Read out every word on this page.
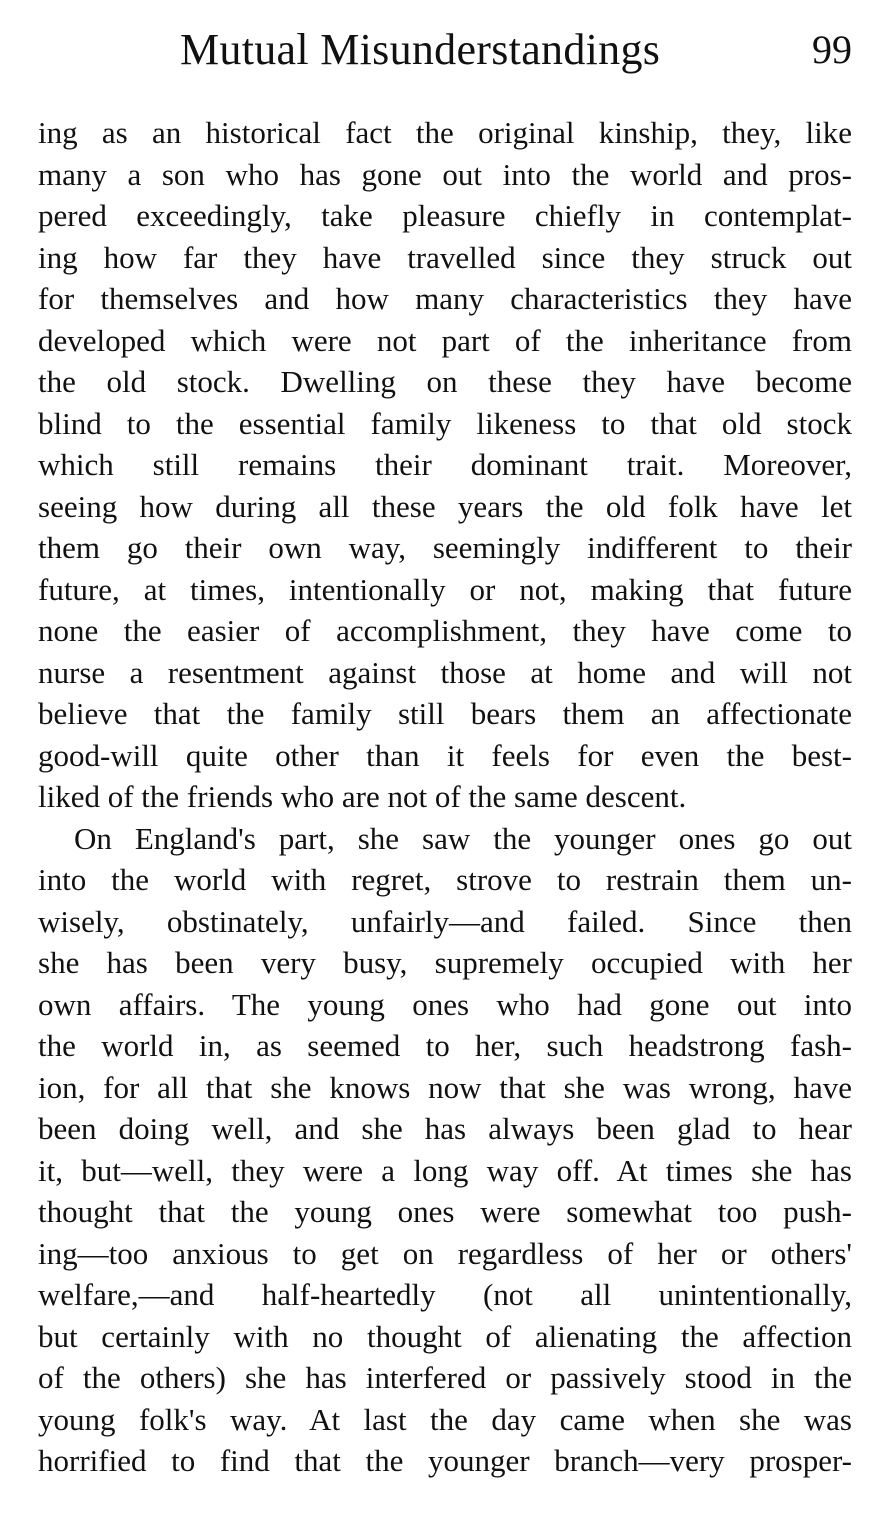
Mutual Misunderstandings	99
ing as an historical fact the original kinship, they, like
many a son who has gone out into the world and pros-
pered exceedingly, take pleasure chiefly in contemplat-
ing how far they have travelled since they struck out
for themselves and how many characteristics they have
developed which were not part of the inheritance from
the old stock. Dwelling on these they have become
blind to the essential family likeness to that old stock
which still remains their dominant trait. Moreover,
seeing how during all these years the old folk have let
them go their own way, seemingly indifferent to their
future, at times, intentionally or not, making that future
none the easier of accomplishment, they have come to
nurse a resentment against those at home and will not
believe that the family still bears them an affectionate
good-will quite other than it feels for even the best-
liked of the friends who are not of the same descent.
On England's part, she saw the younger ones go out
into the world with regret, strove to restrain them un-
wisely, obstinately, unfairly—and failed. Since then
she has been very busy, supremely occupied with her
own affairs. The young ones who had gone out into
the world in, as seemed to her, such headstrong fash-
ion, for all that she knows now that she was wrong, have
been doing well, and she has always been glad to hear
it, but—well, they were a long way off. At times she has
thought that the young ones were somewhat too push-
ing—too anxious to get on regardless of her or others'
welfare,—and half-heartedly (not all unintentionally,
but certainly with no thought of alienating the affection
of the others) she has interfered or passively stood in the
young folk's way. At last the day came when she was
horrified to find that the younger branch—very prosper-
